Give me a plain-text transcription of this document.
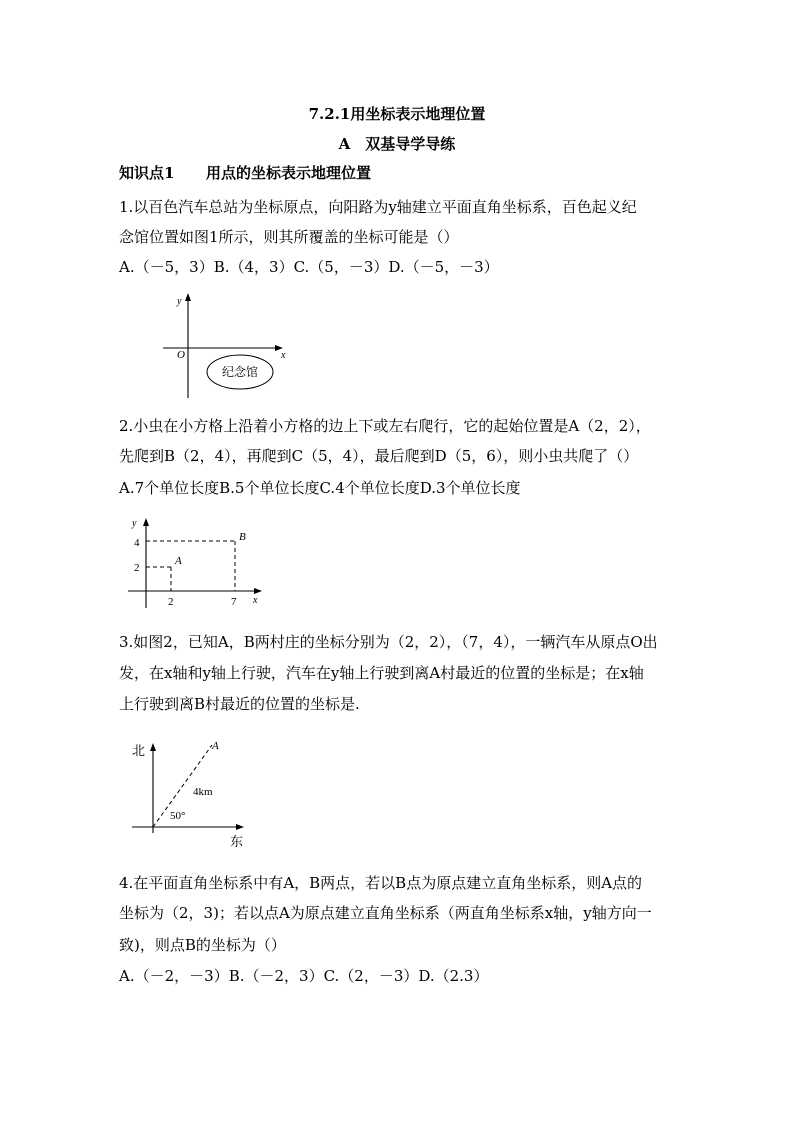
7.2.1用坐标表示地理位置
A　双基导学导练
知识点1 用点的坐标表示地理位置
1.以百色汽车总站为坐标原点，向阳路为y轴建立平面直角坐标系，百色起义纪
念馆位置如图1所示，则其所覆盖的坐标可能是（）
A.（－5，3）B.（4，3）C.（5，－3）D.（－5，－3）
y
x
O
纪念馆
2.小虫在小方格上沿着小方格的边上下或左右爬行，它的起始位置是A（2，2），
先爬到B（2，4），再爬到C（5，4），最后爬到D（5，6），则小虫共爬了（）
A.7个单位长度B.5个单位长度C.4个单位长度D.3个单位长度
y
x
4
2
2	7
A
B
3.如图2，已知A，B两村庄的坐标分别为（2，2），（7，4），一辆汽车从原点O出
发，在x轴和y轴上行驶，汽车在y轴上行驶到离A村最近的位置的坐标是；在x轴
上行驶到离B村最近的位置的坐标是.
北
东
A
4km
50°
4.在平面直角坐标系中有A，B两点，若以B点为原点建立直角坐标系，则A点的
坐标为（2，3)；若以点A为原点建立直角坐标系（两直角坐标系x轴，y轴方向一
致)，则点B的坐标为（）
A.（－2，－3）B.（－2，3）C.（2，－3）D.（2.3）
